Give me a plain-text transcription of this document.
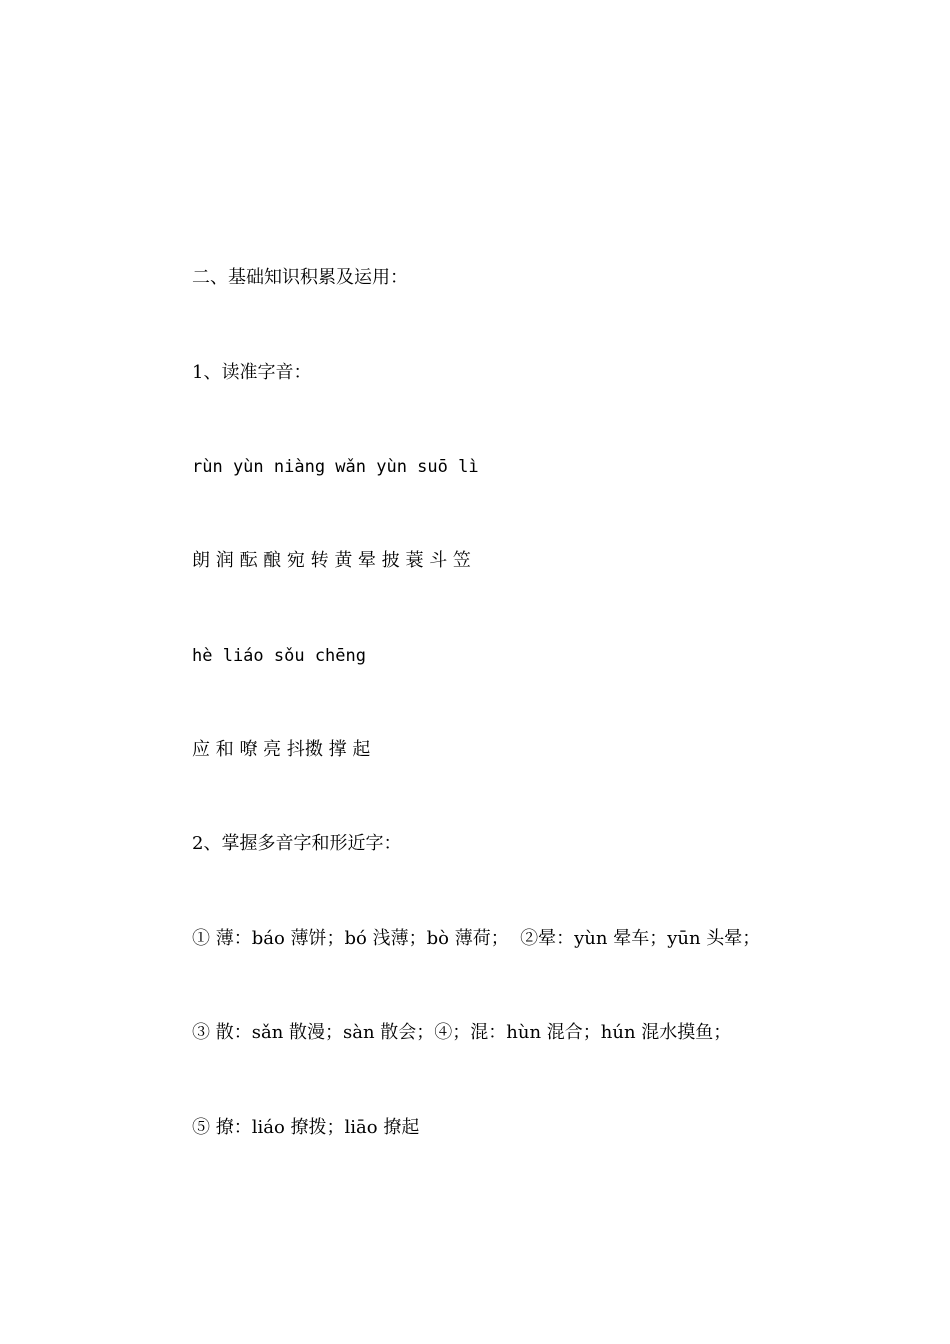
二、基础知识积累及运用：
1、读准字音：
rùn yùn niàng wǎn yùn suō lì
朗 润 酝 酿 宛 转 黄 晕 披 蓑 斗 笠
hè liáo sǒu chēng
应 和 嘹 亮 抖擞 撑 起
2、掌握多音字和形近字：
① 薄：báo 薄饼；bó 浅薄；bò 薄荷；  ②晕：yùn 晕车；yūn 头晕；
③ 散：sǎn 散漫；sàn 散会；④；混：hùn 混合；hún 混水摸鱼；
⑤ 撩：liáo 撩拨；liāo 撩起
